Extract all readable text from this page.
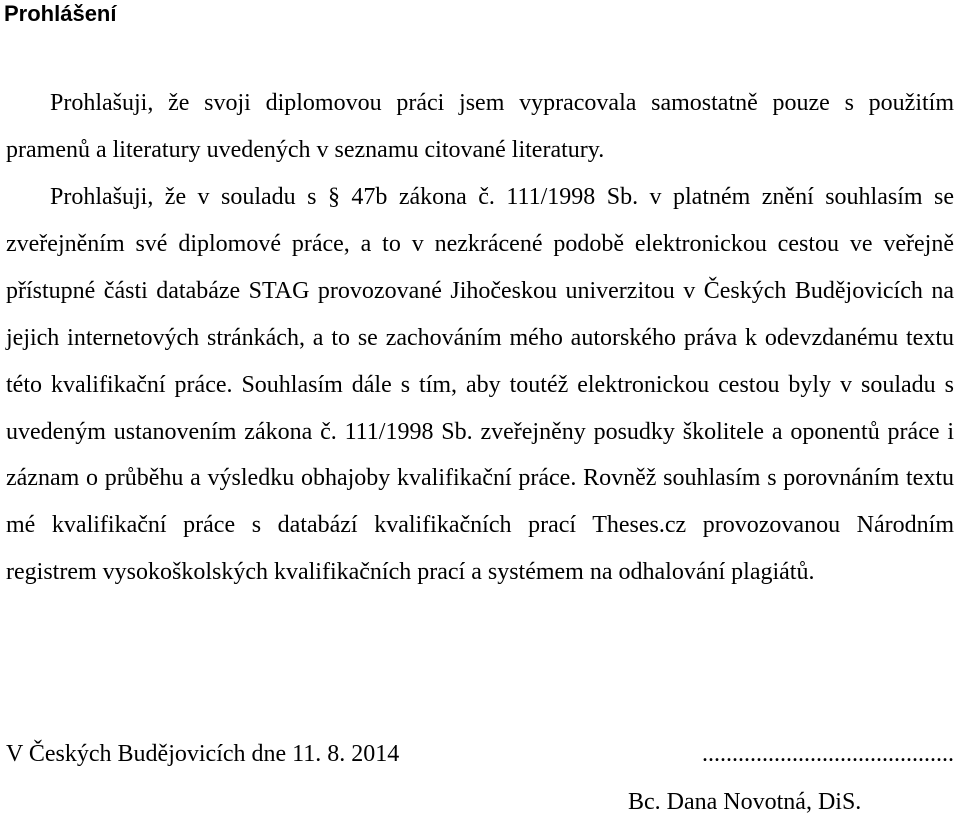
Prohlášení

Prohlašuji, že svoji diplomovou práci jsem vypracovala samostatně pouze s použitím pramenů a literatury uvedených v seznamu citované literatury.

Prohlašuji, že v souladu s § 47b zákona č. 111/1998 Sb. v platném znění souhlasím se zveřejněním své diplomové práce, a to v nezkrácené podobě elektronickou cestou ve veřejně přístupné části databáze STAG provozované Jihočeskou univerzitou v Českých Budějovicích na jejich internetových stránkách, a to se zachováním mého autorského práva k odevzdanému textu této kvalifikační práce. Souhlasím dále s tím, aby toutéž elektronickou cestou byly v souladu s uvedeným ustanovením zákona č. 111/1998 Sb. zveřejněny posudky školitele a oponentů práce i záznam o průběhu a výsledku obhajoby kvalifikační práce. Rovněž souhlasím s porovnáním textu mé kvalifikační práce s databází kvalifikačních prací Theses.cz provozovanou Národním registrem vysokoškolských kvalifikačních prací a systémem na odhalování plagiátů.

V Českých Budějovicích dne 11. 8. 2014	..........................................
Bc. Dana Novotná, DiS.
